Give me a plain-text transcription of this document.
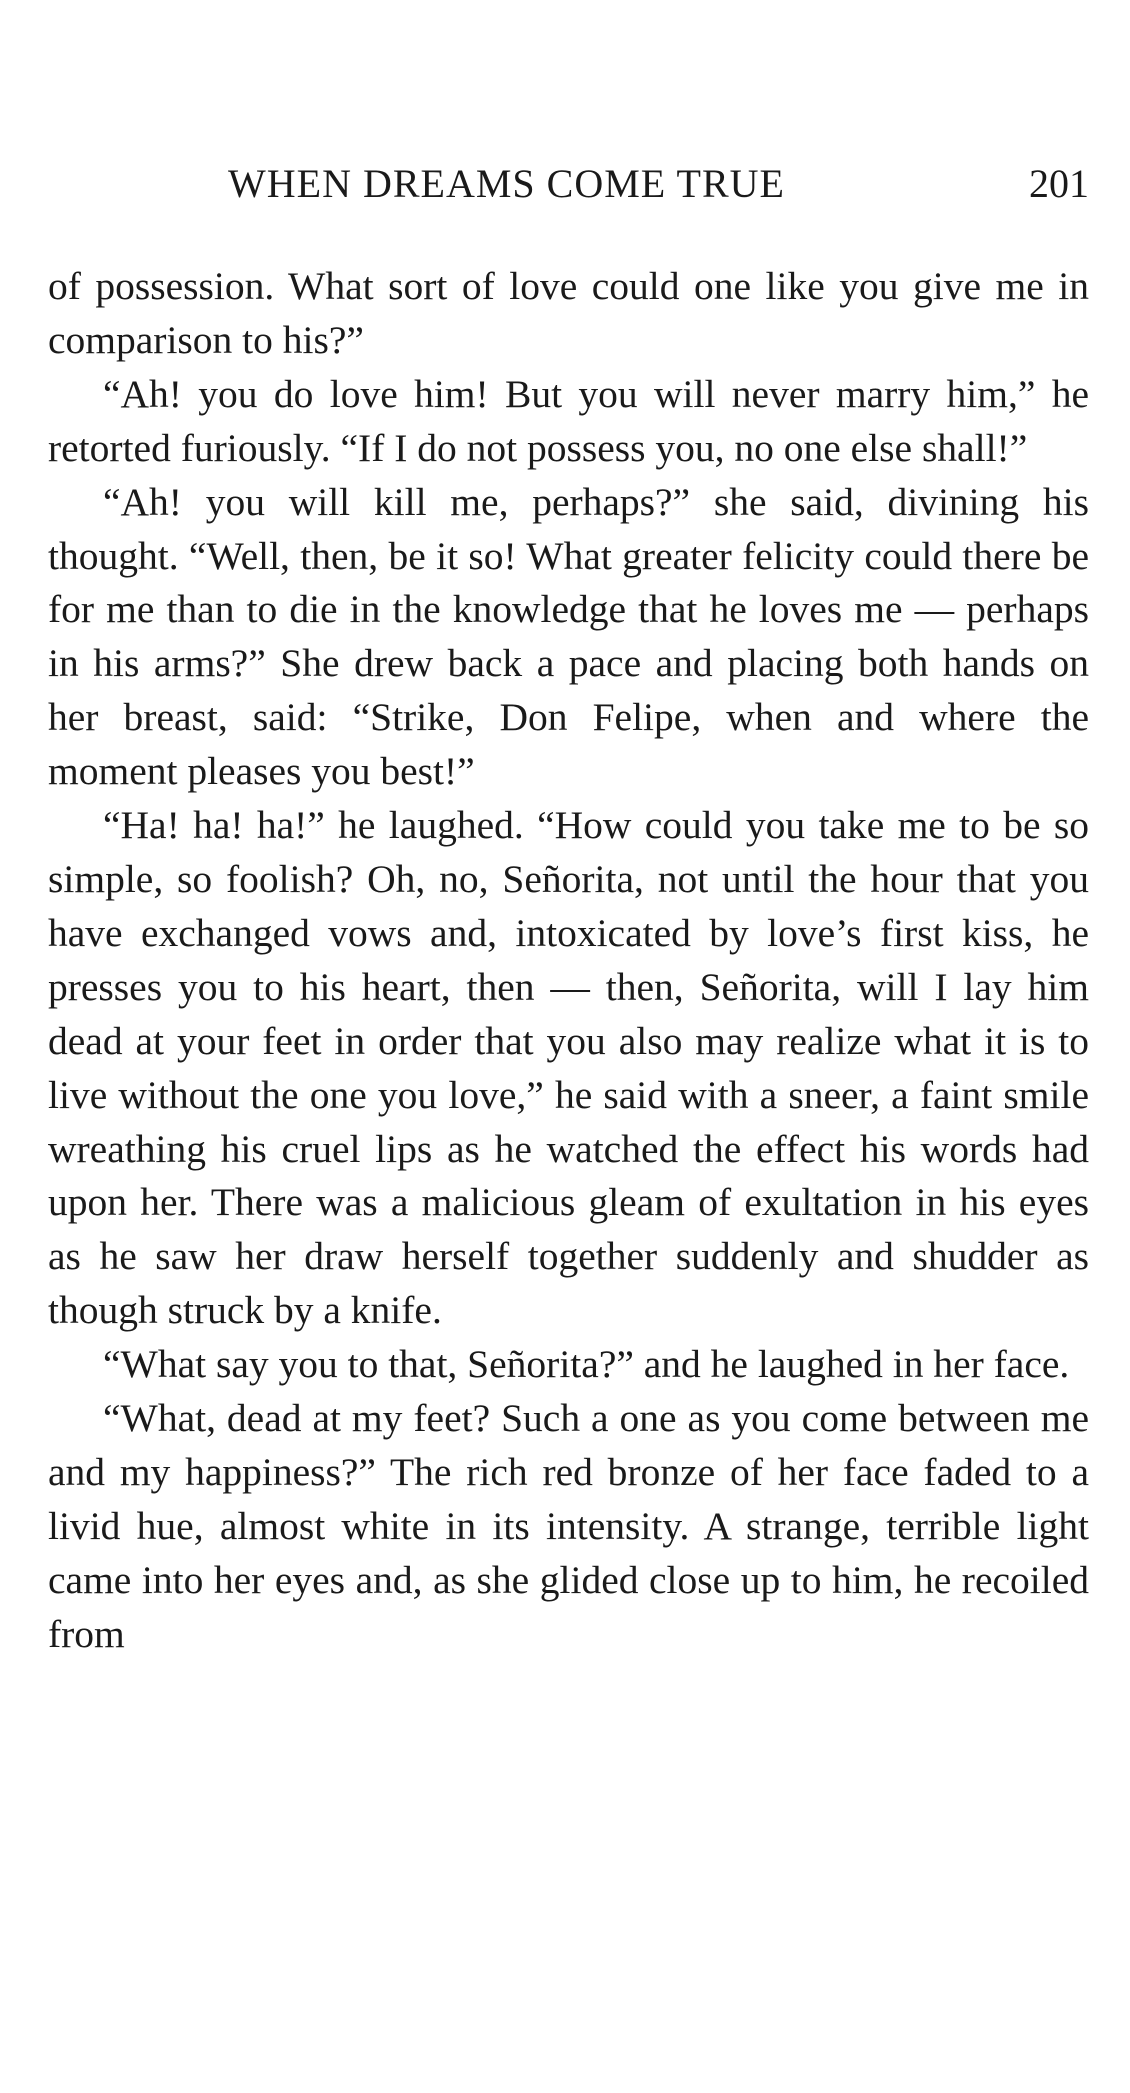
WHEN DREAMS COME TRUE	201

of possession. What sort of love could one like you give me in comparison to his?”

“Ah! you do love him! But you will never marry him,” he retorted furiously. “If I do not possess you, no one else shall!”

“Ah! you will kill me, perhaps?” she said, divining his thought. “Well, then, be it so! What greater felicity could there be for me than to die in the knowledge that he loves me — perhaps in his arms?” She drew back a pace and placing both hands on her breast, said: “Strike, Don Felipe, when and where the moment pleases you best!”

“Ha! ha! ha!” he laughed. “How could you take me to be so simple, so foolish? Oh, no, Señorita, not until the hour that you have exchanged vows and, intoxicated by love’s first kiss, he presses you to his heart, then — then, Señorita, will I lay him dead at your feet in order that you also may realize what it is to live without the one you love,” he said with a sneer, a faint smile wreathing his cruel lips as he watched the effect his words had upon her. There was a malicious gleam of exultation in his eyes as he saw her draw herself together suddenly and shudder as though struck by a knife.

“What say you to that, Señorita?” and he laughed in her face.

“What, dead at my feet? Such a one as you come between me and my happiness?” The rich red bronze of her face faded to a livid hue, almost white in its intensity. A strange, terrible light came into her eyes and, as she glided close up to him, he recoiled from
